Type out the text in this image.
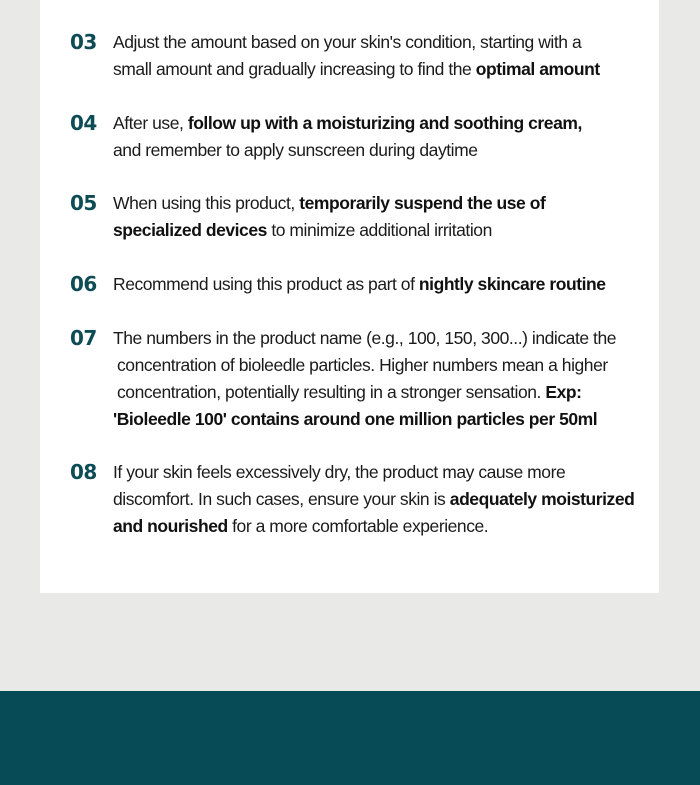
03 Adjust the amount based on your skin's condition, starting with a
small amount and gradually increasing to find the optimal amount
04 After use, follow up with a moisturizing and soothing cream,
and remember to apply sunscreen during daytime
05 When using this product, temporarily suspend the use of
specialized devices to minimize additional irritation
06 Recommend using this product as part of nightly skincare routine
07 The numbers in the product name (e.g., 100, 150, 300...) indicate the
concentration of bioleedle particles. Higher numbers mean a higher
concentration, potentially resulting in a stronger sensation. Exp:
'Bioleedle 100' contains around one million particles per 50ml
08 If your skin feels excessively dry, the product may cause more
discomfort. In such cases, ensure your skin is adequately moisturized
and nourished for a more comfortable experience.
